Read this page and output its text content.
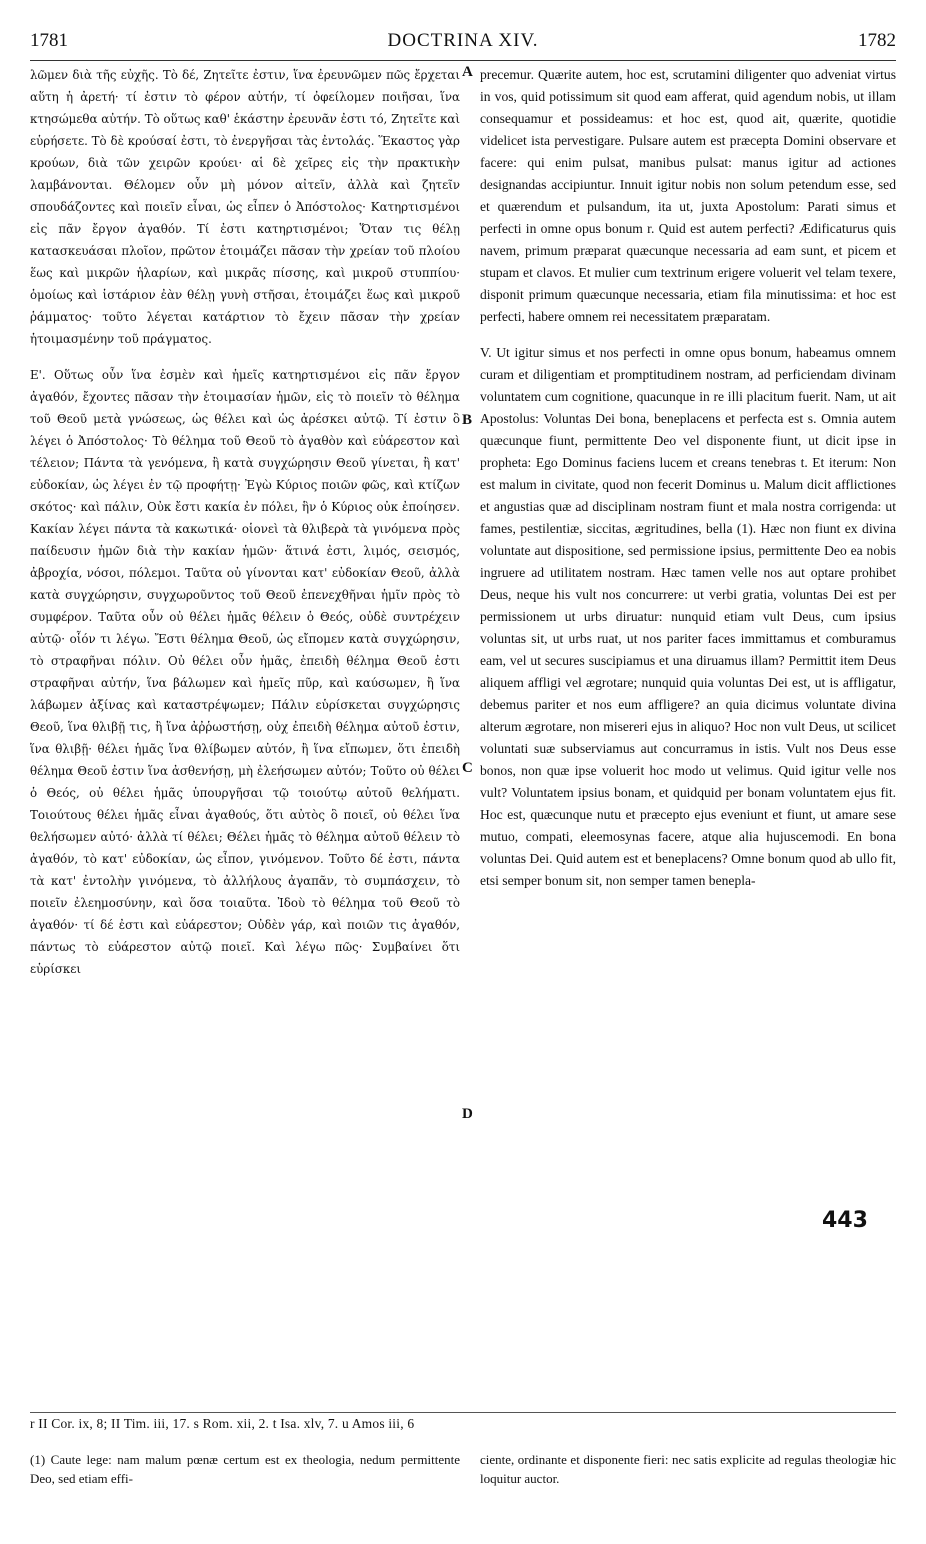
1781	DOCTRINA XIV.	1782

λῶμεν διὰ τῆς εὐχῆς. Τὸ δέ, Ζητεῖτε ἐστιν, ἵνα ἐρευνῶμεν πῶς ἔρχεται αὕτη ἡ ἀρετή· τί ἐστιν τὸ φέρον αὐτήν, τί ὀφείλομεν ποιῆσαι, ἵνα κτησώμεθα αὐτήν. Τὸ οὕτως καθ' ἑκάστην ἐρευνᾶν ἐστι τό, Ζητεῖτε καὶ εὑρήσετε. Τὸ δὲ κρούσαί ἐστι, τὸ ἐνεργῆσαι τὰς ἐντολάς. Ἕκαστος γὰρ κρούων, διὰ τῶν χειρῶν κρούει· αἱ δὲ χεῖρες εἰς τὴν πρακτικὴν λαμβάνονται. Θέλομεν οὖν μὴ μόνον αἰτεῖν, ἀλλὰ καὶ ζητεῖν σπουδάζοντες καὶ ποιεῖν εἶναι, ὡς εἶπεν ὁ Ἀπόστολος· Κατηρτισμένοι εἰς πᾶν ἔργον ἀγαθόν. Τί ἐστι κατηρτισμένοι; Ὅταν τις θέλῃ κατασκευάσαι πλοῖον, πρῶτον ἑτοιμάζει πᾶσαν τὴν χρείαν τοῦ πλοίου ἕως καὶ μικρῶν ἡλαρίων, καὶ μικρᾶς πίσσης, καὶ μικροῦ στυππίου· ὁμοίως καὶ ἱστάριον ἐὰν θέλῃ γυνὴ στῆσαι, ἑτοιμάζει ἕως καὶ μικροῦ ῥάμματος· τοῦτο λέγεται κατάρτιον τὸ ἔχειν πᾶσαν τὴν χρείαν ἡτοιμασμένην τοῦ πράγματος.

Ε'. Οὕτως οὖν ἵνα ἐσμὲν καὶ ἡμεῖς κατηρτισμένοι εἰς πᾶν ἔργον ἀγαθόν, ἔχοντες πᾶσαν τὴν ἑτοιμασίαν ἡμῶν, εἰς τὸ ποιεῖν τὸ θέλημα τοῦ Θεοῦ μετὰ γνώσεως, ὡς θέλει καὶ ὡς ἀρέσκει αὐτῷ. Τί ἐστιν ὃ λέγει ὁ Ἀπόστολος· Τὸ θέλημα τοῦ Θεοῦ τὸ ἀγαθὸν καὶ εὐάρεστον καὶ τέλειον; Πάντα τὰ γενόμενα, ἢ κατὰ συγχώρησιν Θεοῦ γίνεται, ἢ κατ' εὐδοκίαν, ὡς λέγει ἐν τῷ προφήτῃ· Ἐγὼ Κύριος ποιῶν φῶς, καὶ κτίζων σκότος· καὶ πάλιν, Οὐκ ἔστι κακία ἐν πόλει, ἣν ὁ Κύριος οὐκ ἐποίησεν. Κακίαν λέγει πάντα τὰ κακωτικά· οἱονεὶ τὰ θλιβερὰ τὰ γινόμενα πρὸς παίδευσιν ἡμῶν διὰ τὴν κακίαν ἡμῶν· ἅτινά ἐστι, λιμός, σεισμός, ἀβροχία, νόσοι, πόλεμοι. Ταῦτα οὐ γίνονται κατ' εὐδοκίαν Θεοῦ, ἀλλὰ κατὰ συγχώρησιν, συγχωροῦντος τοῦ Θεοῦ ἐπενεχθῆναι ἡμῖν πρὸς τὸ συμφέρον. Ταῦτα οὖν οὐ θέλει ἡμᾶς θέλειν ὁ Θεός, οὐδὲ συντρέχειν αὐτῷ· οἷόν τι λέγω. Ἔστι θέλημα Θεοῦ, ὡς εἴπομεν κατὰ συγχώρησιν, τὸ στραφῆναι πόλιν. Οὐ θέλει οὖν ἡμᾶς, ἐπειδὴ θέλημα Θεοῦ ἐστι στραφῆναι αὐτήν, ἵνα βάλωμεν καὶ ἡμεῖς πῦρ, καὶ καύσωμεν, ἢ ἵνα λάβωμεν ἀξίνας καὶ καταστρέψωμεν; Πάλιν εὑρίσκεται συγχώρησις Θεοῦ, ἵνα θλιβῇ τις, ἢ ἵνα ἀῤῥωστήσῃ, οὐχ ἐπειδὴ θέλημα αὐτοῦ ἐστιν, ἵνα θλιβῇ· θέλει ἡμᾶς ἵνα θλίβωμεν αὐτόν, ἢ ἵνα εἴπωμεν, ὅτι ἐπειδὴ θέλημα Θεοῦ ἐστιν ἵνα ἀσθενήσῃ, μὴ ἐλεήσωμεν αὐτόν; Τοῦτο οὐ θέλει ὁ Θεός, οὐ θέλει ἡμᾶς ὑπουργῆσαι τῷ τοιούτῳ αὐτοῦ θελήματι. Τοιούτους θέλει ἡμᾶς εἶναι ἀγαθούς, ὅτι αὐτὸς ὃ ποιεῖ, οὐ θέλει ἵνα θελήσωμεν αὐτό· ἀλλὰ τί θέλει; Θέλει ἡμᾶς τὸ θέλημα αὐτοῦ θέλειν τὸ ἀγαθόν, τὸ κατ' εὐδοκίαν, ὡς εἶπον, γινόμενον. Τοῦτο δέ ἐστι, πάντα τὰ κατ' ἐντολὴν γινόμενα, τὸ ἀλλήλους ἀγαπᾶν, τὸ συμπάσχειν, τὸ ποιεῖν ἐλεημοσύνην, καὶ ὅσα τοιαῦτα. Ἰδοὺ τὸ θέλημα τοῦ Θεοῦ τὸ ἀγαθόν· τί δέ ἐστι καὶ εὐάρεστον; Οὐδὲν γάρ, καὶ ποιῶν τις ἀγαθόν, πάντως τὸ εὐάρεστον αὐτῷ ποιεῖ. Καὶ λέγω πῶς· Συμβαίνει ὅτι εὑρίσκει

A
B
C
D

precemur. Quærite autem, hoc est, scrutamini diligenter quo adveniat virtus in vos, quid potissimum sit quod eam afferat, quid agendum nobis, ut illam consequamur et possideamus: et hoc est, quod ait, quærite, quotidie videlicet ista pervestigare. Pulsare autem est præcepta Domini observare et facere: qui enim pulsat, manibus pulsat: manus igitur ad actiones designandas accipiuntur. Innuit igitur nobis non solum petendum esse, sed et quærendum et pulsandum, ita ut, juxta Apostolum: Parati simus et perfecti in omne opus bonum r. Quid est autem perfecti? Ædificaturus quis navem, primum præparat quæcunque necessaria ad eam sunt, et picem et stupam et clavos. Et mulier cum textrinum erigere voluerit vel telam texere, disponit primum quæcunque necessaria, etiam fila minutissima: et hoc est perfecti, habere omnem rei necessitatem præparatam.

V. Ut igitur simus et nos perfecti in omne opus bonum, habeamus omnem curam et diligentiam et promptitudinem nostram, ad perficiendam divinam voluntatem cum cognitione, quacunque in re illi placitum fuerit. Nam, ut ait Apostolus: Voluntas Dei bona, beneplacens et perfecta est s. Omnia autem quæcunque fiunt, permittente Deo vel disponente fiunt, ut dicit ipse in propheta: Ego Dominus faciens lucem et creans tenebras t. Et iterum: Non est malum in civitate, quod non fecerit Dominus u. Malum dicit afflictiones et angustias quæ ad disciplinam nostram fiunt et mala nostra corrigenda: ut fames, pestilentiæ, siccitas, ægritudines, bella (1). Hæc non fiunt ex divina voluntate aut dispositione, sed permissione ipsius, permittente Deo ea nobis ingruere ad utilitatem nostram. Hæc tamen velle nos aut optare prohibet Deus, neque his vult nos concurrere: ut verbi gratia, voluntas Dei est per permissionem ut urbs diruatur: nunquid etiam vult Deus, cum ipsius voluntas sit, ut urbs ruat, ut nos pariter faces immittamus et comburamus eam, vel ut secures suscipiamus et una diruamus illam? Permittit item Deus aliquem affligi vel ægrotare; nunquid quia voluntas Dei est, ut is affligatur, debemus pariter et nos eum affligere? an quia dicimus voluntate divina alterum ægrotare, non misereri ejus in aliquo? Hoc non vult Deus, ut scilicet voluntati suæ subserviamus aut concurramus in istis. Vult nos Deus esse bonos, non quæ ipse voluerit hoc modo ut velimus. Quid igitur velle nos vult? Voluntatem ipsius bonam, et quidquid per bonam voluntatem ejus fit. Hoc est, quæcunque nutu et præcepto ejus eveniunt et fiunt, ut amare sese mutuo, compati, eleemosynas facere, atque alia hujuscemodi. En bona voluntas Dei. Quid autem est et beneplacens? Omne bonum quod ab ullo fit, etsi semper bonum sit, non semper tamen benepla-

443
r II Cor. ix, 8; II Tim. iii, 17. s Rom. xii, 2. t Isa. xlv, 7. u Amos iii, 6
(1) Caute lege: nam malum pœnæ certum est ex theologia, nedum permittente Deo, sed etiam effi-
ciente, ordinante et disponente fieri: nec satis explicite ad regulas theologiæ hic loquitur auctor.
